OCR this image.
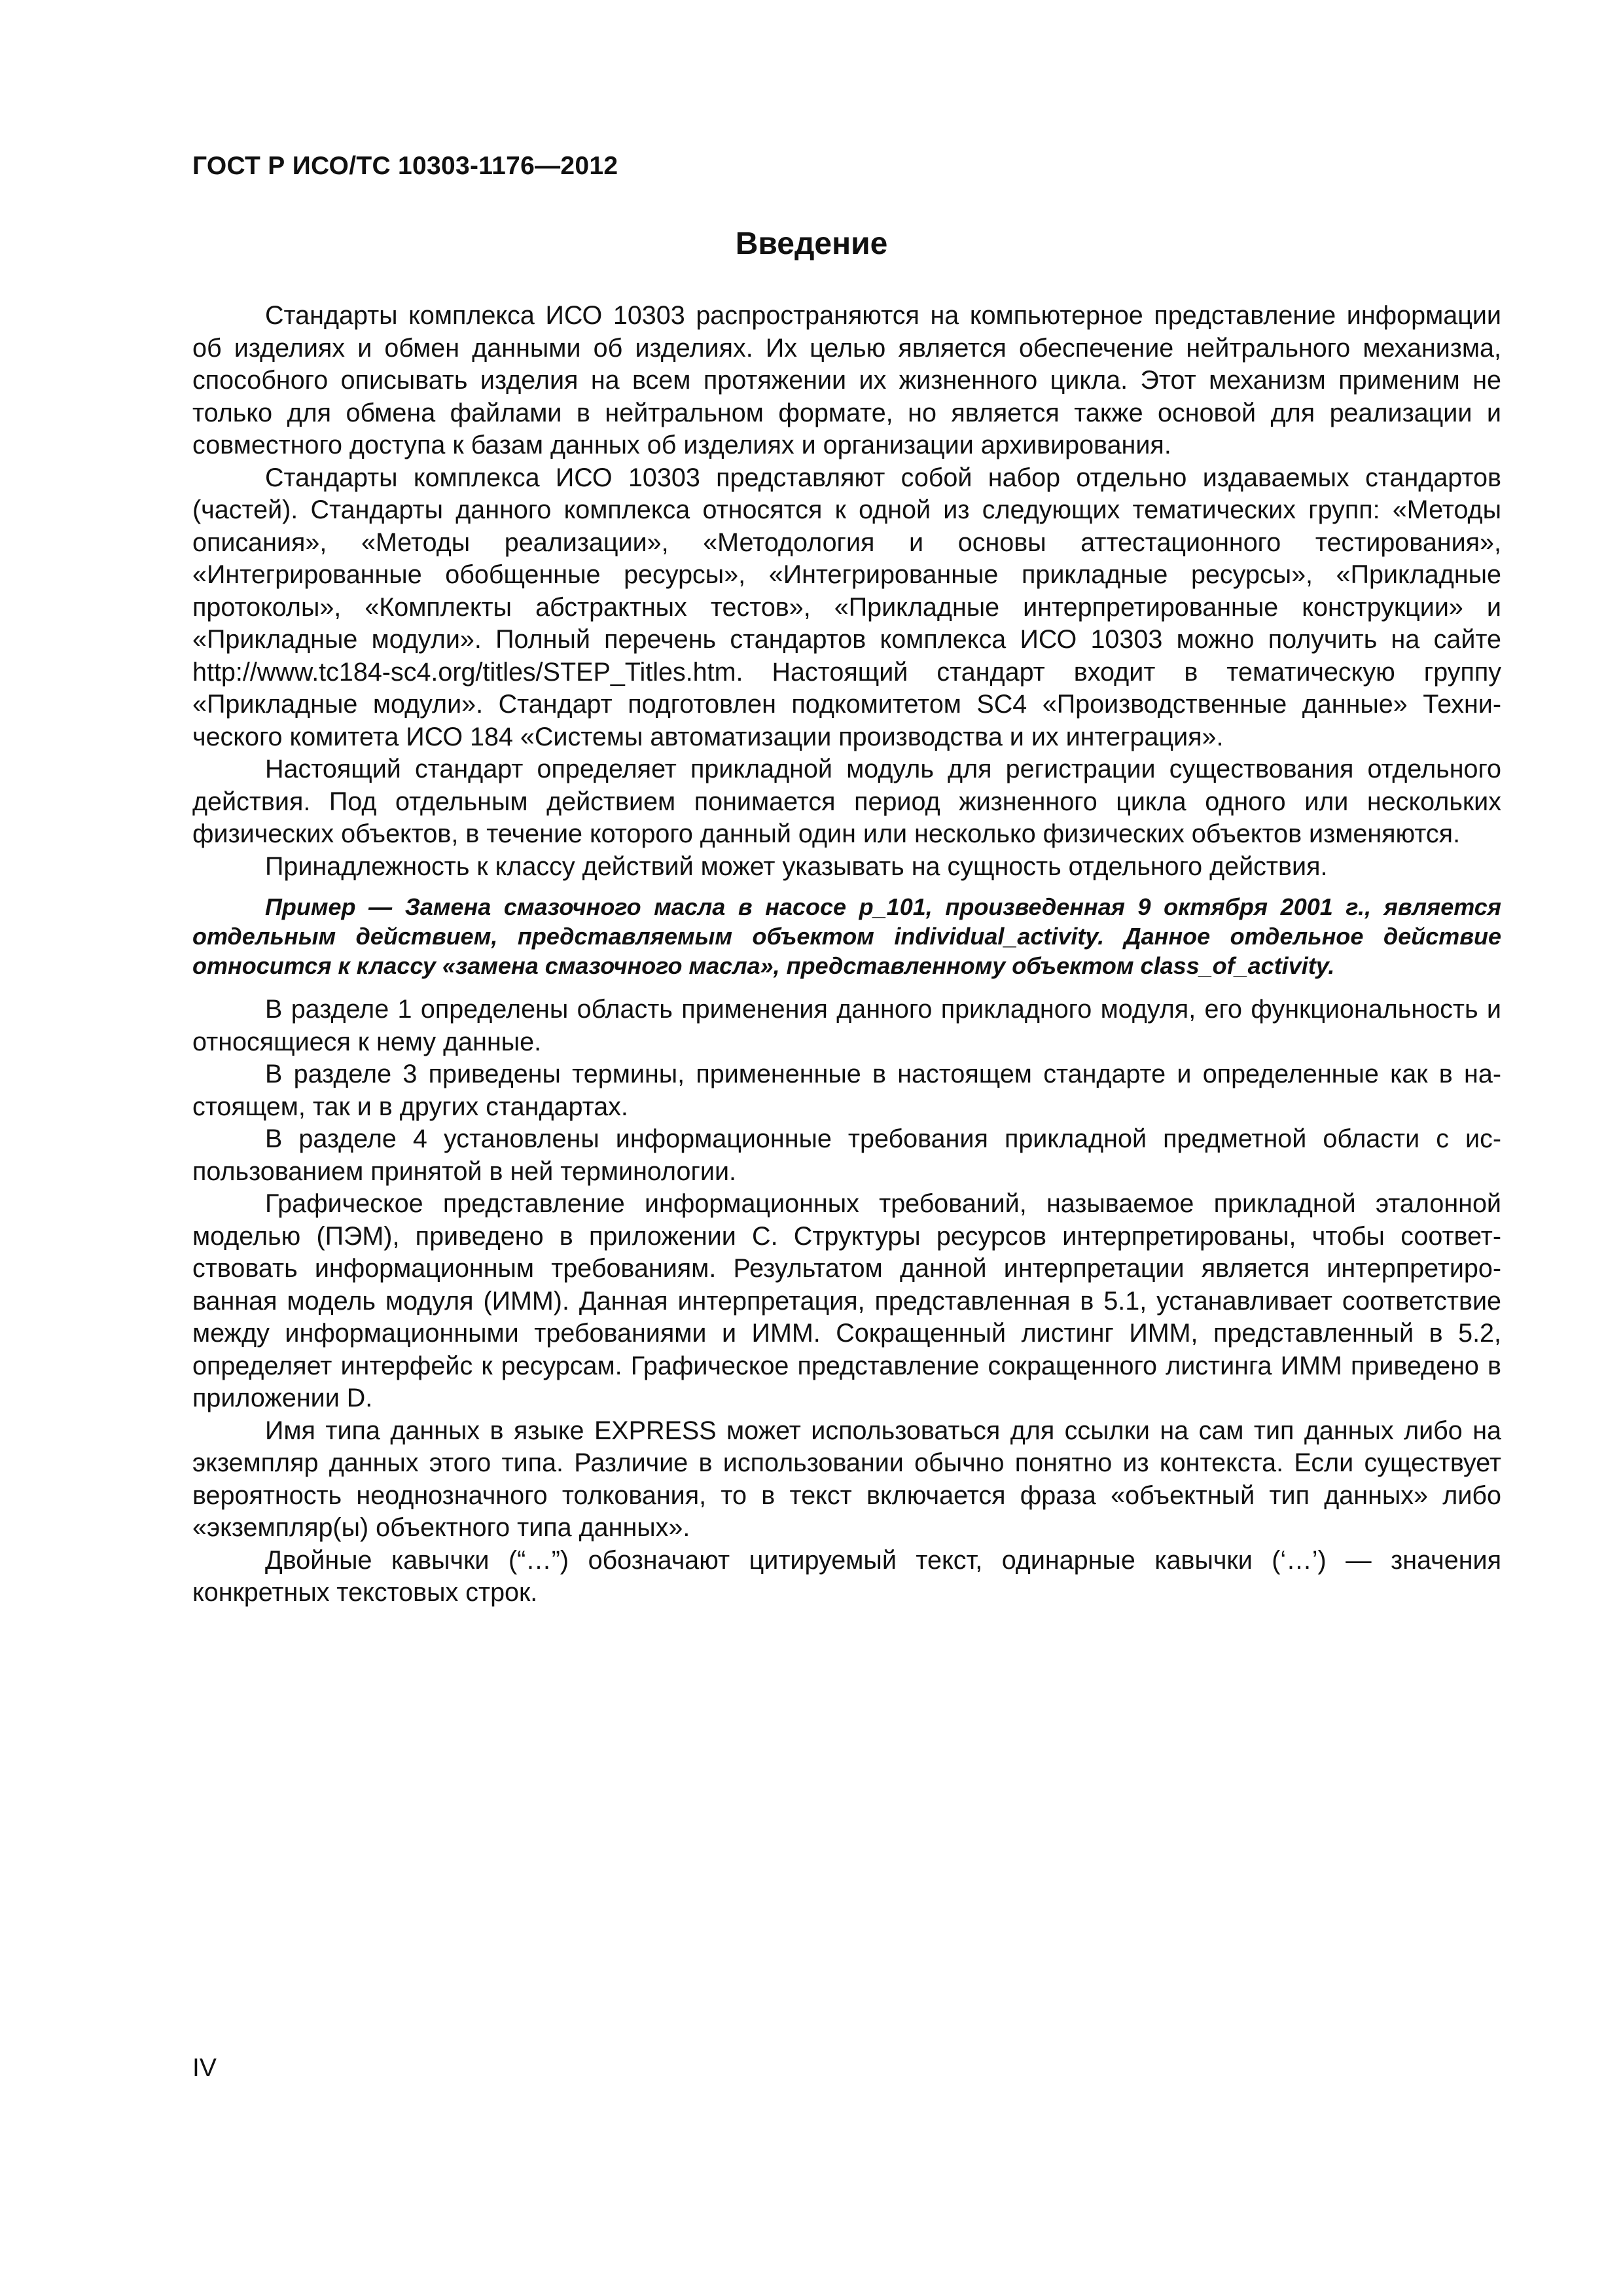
ГОСТ Р ИСО/ТС 10303-1176—2012
Введение

Стандарты комплекса ИСО 10303 распространяются на компьютерное представление информации об изделиях и обмен данными об изделиях. Их целью является обеспечение нейтрального механизма, способного описывать изделия на всем протяжении их жизненного цикла. Этот механизм применим не только для обмена файлами в нейтральном формате, но является также основой для реализации и совместного доступа к базам данных об изделиях и организации архивирования.

Стандарты комплекса ИСО 10303 представляют собой набор отдельно издаваемых стандартов (частей). Стандарты данного комплекса относятся к одной из следующих тематических групп: «Методы описания», «Методы реализации», «Методология и основы аттестационного тестирования», «Интегрированные обобщенные ресурсы», «Интегрированные прикладные ресурсы», «Прикладные протоколы», «Комплекты абстрактных тестов», «Прикладные интерпретированные конструкции» и «Прикладные модули». Полный перечень стандартов комплекса ИСО 10303 можно получить на сайте http://www.tc184-sc4.org/titles/STEP_Titles.htm. Настоящий стандарт входит в тематическую группу «Прикладные модули». Стандарт подготовлен подкомитетом SC4 «Производственные данные» Технического комитета ИСО 184 «Системы автоматизации производства и их интеграция».

Настоящий стандарт определяет прикладной модуль для регистрации существования отдельного действия. Под отдельным действием понимается период жизненного цикла одного или нескольких физических объектов, в течение которого данный один или несколько физических объектов изменяются.

Принадлежность к классу действий может указывать на сущность отдельного действия.

Пример — Замена смазочного масла в насосе p_101, произведенная 9 октября 2001 г., является отдельным действием, представляемым объектом individual_activity. Данное отдельное действие относится к классу «замена смазочного масла», представленному объектом class_of_activity.

В разделе 1 определены область применения данного прикладного модуля, его функциональность и относящиеся к нему данные.

В разделе 3 приведены термины, примененные в настоящем стандарте и определенные как в настоящем, так и в других стандартах.

В разделе 4 установлены информационные требования прикладной предметной области с использованием принятой в ней терминологии.

Графическое представление информационных требований, называемое прикладной эталонной моделью (ПЭМ), приведено в приложении С. Структуры ресурсов интерпретированы, чтобы соответствовать информационным требованиям. Результатом данной интерпретации является интерпретированная модель модуля (ИММ). Данная интерпретация, представленная в 5.1, устанавливает соответствие между информационными требованиями и ИММ. Сокращенный листинг ИММ, представленный в 5.2, определяет интерфейс к ресурсам. Графическое представление сокращенного листинга ИММ приведено в приложении D.

Имя типа данных в языке EXPRESS может использоваться для ссылки на сам тип данных либо на экземпляр данных этого типа. Различие в использовании обычно понятно из контекста. Если существует вероятность неоднозначного толкования, то в текст включается фраза «объектный тип данных» либо «экземпляр(ы) объектного типа данных».

Двойные кавычки (“…”) обозначают цитируемый текст, одинарные кавычки (‘…’) — значения конкретных текстовых строк.

IV
